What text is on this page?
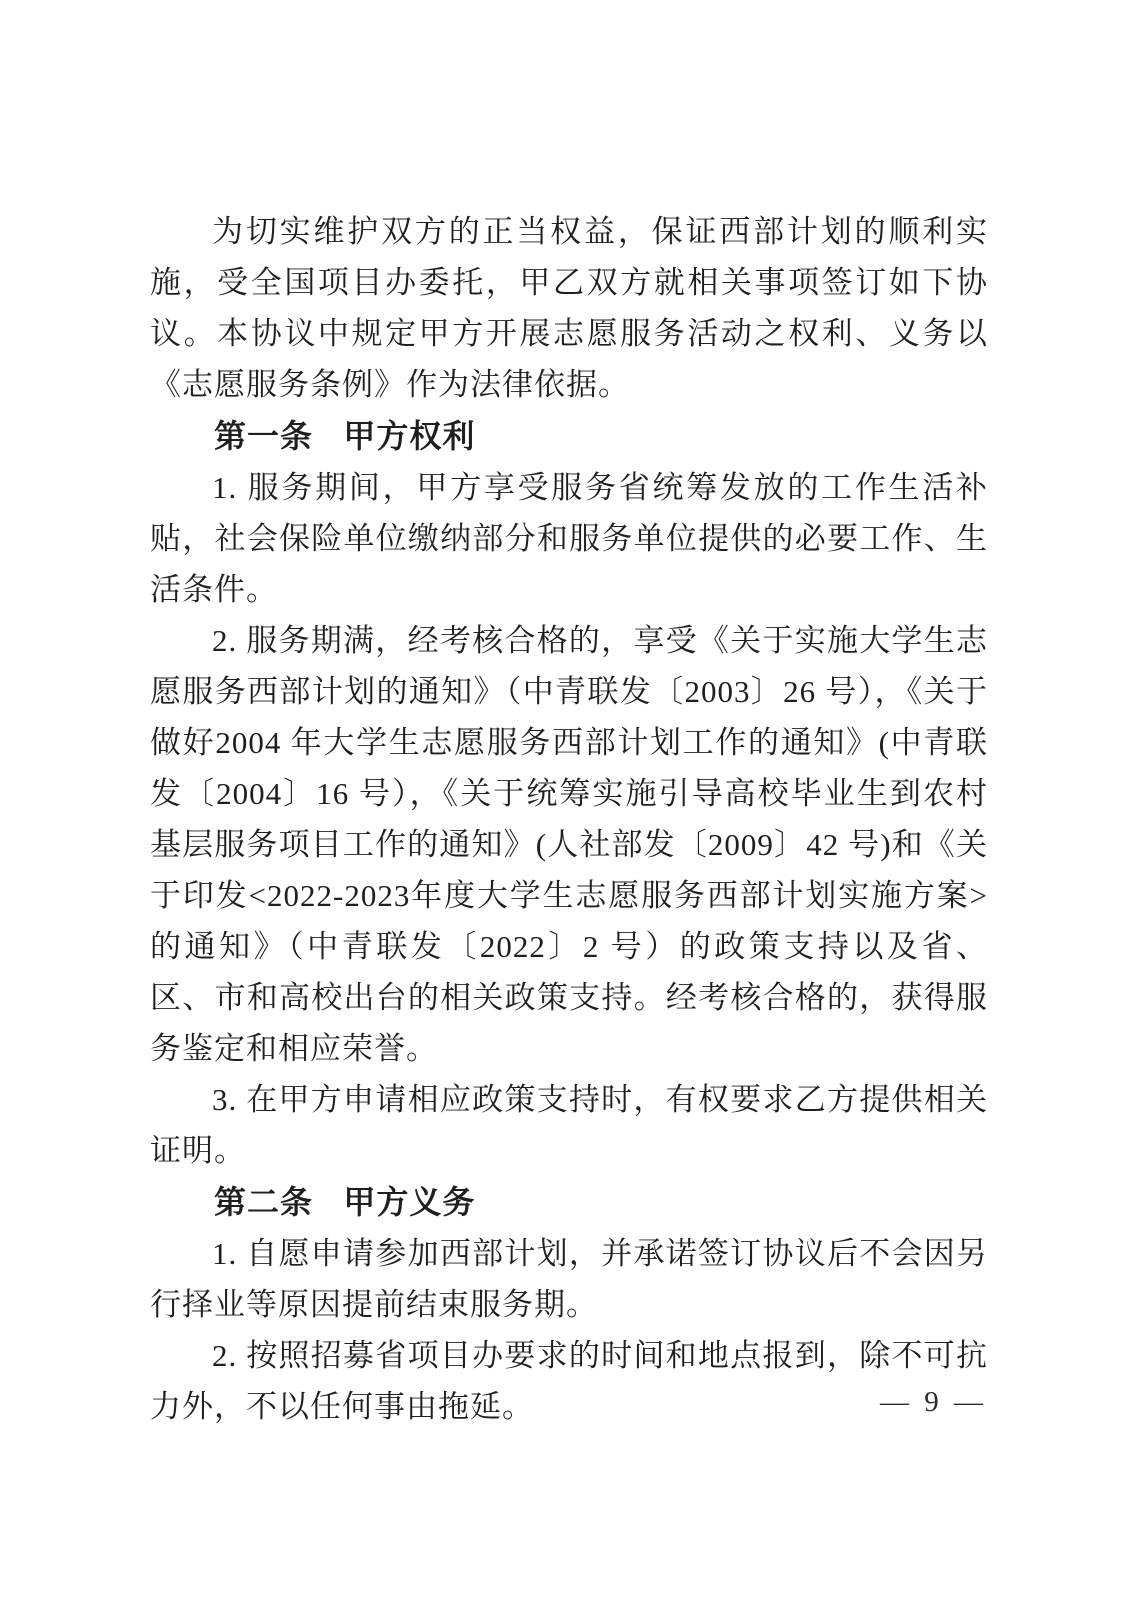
为切实维护双方的正当权益，保证西部计划的顺利实施，受全国项目办委托，甲乙双方就相关事项签订如下协议。本协议中规定甲方开展志愿服务活动之权利、义务以《志愿服务条例》作为法律依据。

第一条 甲方权利

1. 服务期间，甲方享受服务省统筹发放的工作生活补贴，社会保险单位缴纳部分和服务单位提供的必要工作、生活条件。

2. 服务期满，经考核合格的，享受《关于实施大学生志愿服务西部计划的通知》（中青联发〔2003〕26 号），《关于做好2004 年大学生志愿服务西部计划工作的通知》(中青联发〔2004〕16 号），《关于统筹实施引导高校毕业生到农村基层服务项目工作的通知》(人社部发〔2009〕42 号)和《关于印发<2022-2023年度大学生志愿服务西部计划实施方案>的通知》（中青联发〔2022〕2 号）的政策支持以及省、区、市和高校出台的相关政策支持。经考核合格的，获得服务鉴定和相应荣誉。

3. 在甲方申请相应政策支持时，有权要求乙方提供相关证明。

第二条 甲方义务

1. 自愿申请参加西部计划，并承诺签订协议后不会因另行择业等原因提前结束服务期。

2. 按照招募省项目办要求的时间和地点报到，除不可抗力外，不以任何事由拖延。	— 9 —
